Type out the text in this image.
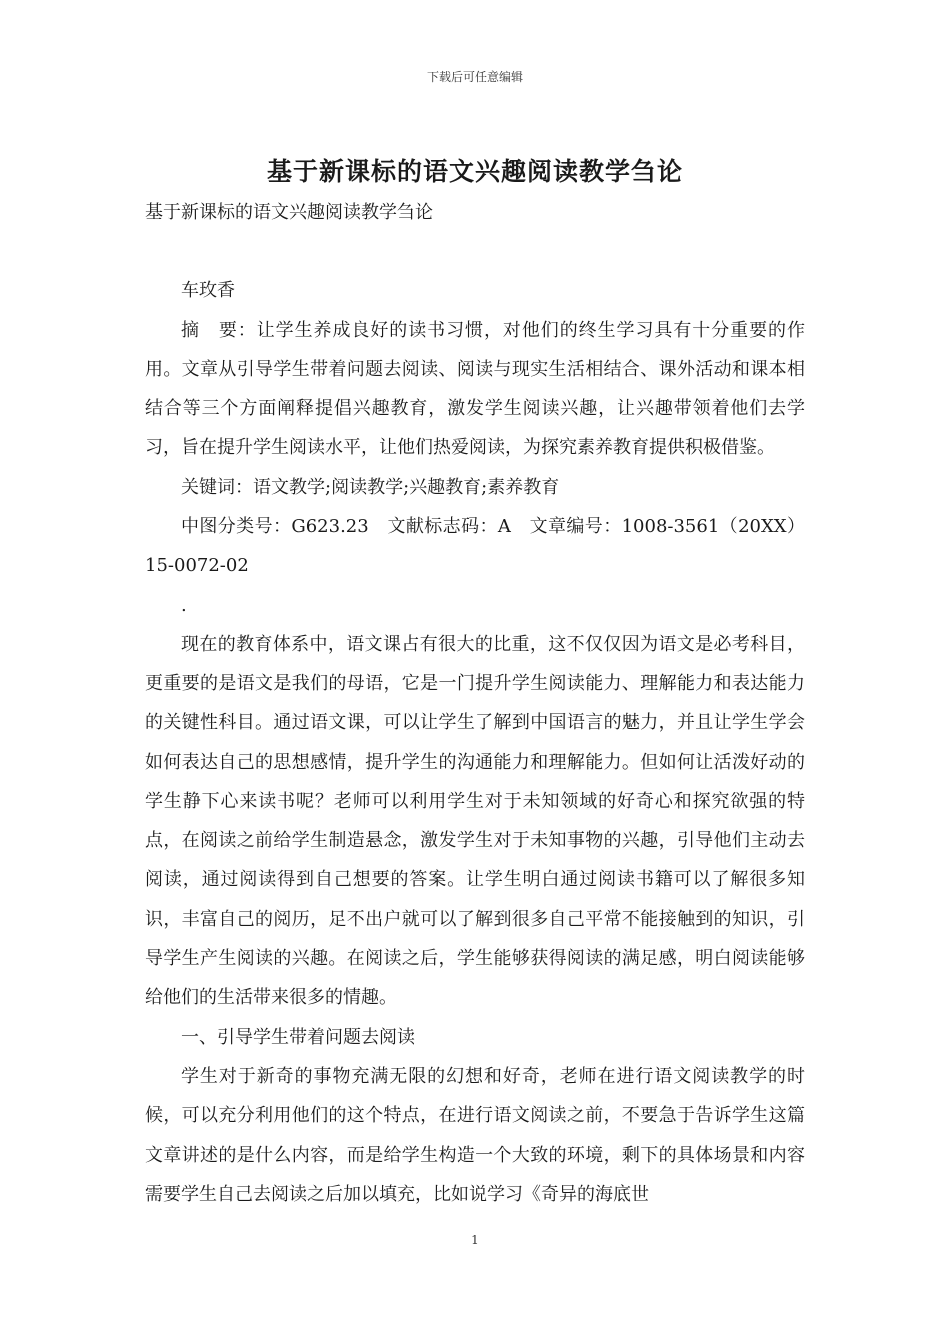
下载后可任意编辑
基于新课标的语文兴趣阅读教学刍论

基于新课标的语文兴趣阅读教学刍论

车玫香

摘　要：让学生养成良好的读书习惯，对他们的终生学习具有十分重要的作用。文章从引导学生带着问题去阅读、阅读与现实生活相结合、课外活动和课本相结合等三个方面阐释提倡兴趣教育，激发学生阅读兴趣，让兴趣带领着他们去学习，旨在提升学生阅读水平，让他们热爱阅读，为探究素养教育提供积极借鉴。

关键词：语文教学;阅读教学;兴趣教育;素养教育

中图分类号：G623.23　文献标志码：A　文章编号：1008-3561（20XX）15-0072-02

.

现在的教育体系中，语文课占有很大的比重，这不仅仅因为语文是必考科目，更重要的是语文是我们的母语，它是一门提升学生阅读能力、理解能力和表达能力的关键性科目。通过语文课，可以让学生了解到中国语言的魅力，并且让学生学会如何表达自己的思想感情，提升学生的沟通能力和理解能力。但如何让活泼好动的学生静下心来读书呢？老师可以利用学生对于未知领域的好奇心和探究欲强的特点，在阅读之前给学生制造悬念，激发学生对于未知事物的兴趣，引导他们主动去阅读，通过阅读得到自己想要的答案。让学生明白通过阅读书籍可以了解很多知识，丰富自己的阅历，足不出户就可以了解到很多自己平常不能接触到的知识，引导学生产生阅读的兴趣。在阅读之后，学生能够获得阅读的满足感，明白阅读能够给他们的生活带来很多的情趣。

一、引导学生带着问题去阅读

学生对于新奇的事物充满无限的幻想和好奇，老师在进行语文阅读教学的时候，可以充分利用他们的这个特点，在进行语文阅读之前，不要急于告诉学生这篇文章讲述的是什么内容，而是给学生构造一个大致的环境，剩下的具体场景和内容需要学生自己去阅读之后加以填充，比如说学习《奇异的海底世

1
